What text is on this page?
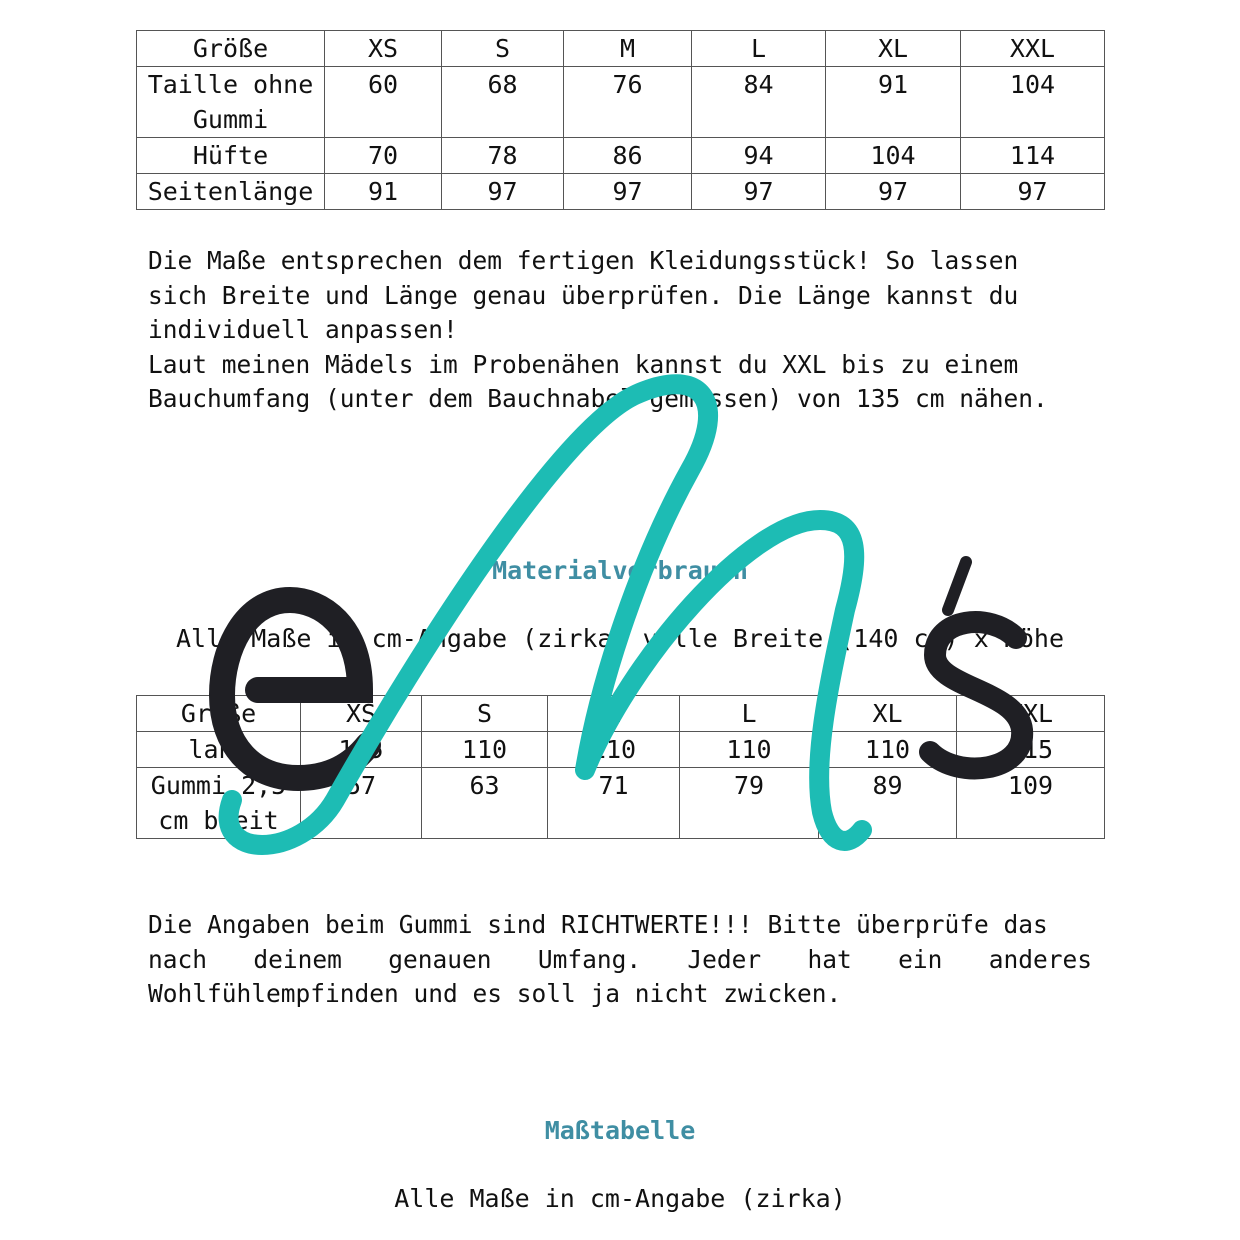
Größe	XS	S	M	L	XL	XXL
Taille ohne Gummi	60	68	76	84	91	104
Hüfte	70	78	86	94	104	114
Seitenlänge	91	97	97	97	97	97
Die Maße entsprechen dem fertigen Kleidungsstück! So lassen
sich Breite und Länge genau überprüfen. Die Länge kannst du
individuell anpassen!
Laut meinen Mädels im Probenähen kannst du XXL bis zu einem
Bauchumfang (unter dem Bauchnabel gemessen) von 135 cm nähen.
Materialverbrauch

Alle Maße in cm-Angabe (zirka) volle Breite (140 cm) x Höhe

Größe	XS	S	M	L	XL	XXL
lang	105	110	110	110	110	215
Gummi 2,5 cm breit	57	63	71	79	89	109
Die Angaben beim Gummi sind RICHTWERTE!!! Bitte überprüfe das
nach deinem genauen Umfang. Jeder hat ein anderes
Wohlfühlempfinden und es soll ja nicht zwicken.
Maßtabelle

Alle Maße in cm-Angabe (zirka)
